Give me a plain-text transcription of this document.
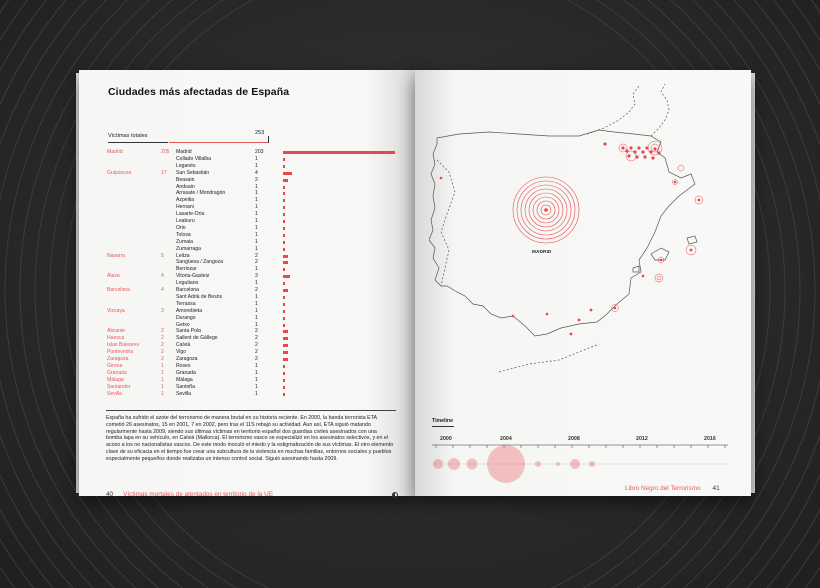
Ciudades más afectadas de España
Víctimas totales	253
Madrid	205 Madrid	203
Collado Villalba	1
Leganés	1
Guipúzcoa	17 San Sebastián	4
Beasain	2
Andoain	1
Arrasate / Mondragón	1
Azpeitia	1
Hernani	1
Lasarte-Oria	1
Leaburu	1
Orio	1
Tolosa	1
Zumaia	1
Zumarraga	1
Navarra	5 Leitza	2
Sangüesa / Zangoza	2
Berriozar	1
Álava	4 Vitoria-Gasteiz	3
Legutiano	1
Barcelona	4 Barcelona	2
Sant Adrià de Besòs	1
Terrassa	1
Vizcaya	3 Amorebieta	1
Durango	1
Getxo	1
Alicante	2 Santa Pola	2
Huesca	2 Sallent de Gállego	2
Islas Baleares	2 Calvià	2
Pontevedra	2 Vigo	2
Zaragoza	2 Zaragoza	2
Girona	1 Roses	1
Granada	1 Granada	1
Málaga	1 Málaga	1
Santander	1 Santoña	1
Sevilla	1 Sevilla	1

España ha sufrido el azote del terrorismo de manera brutal en su historia reciente. En 2000, la banda terrorista ETA cometió 26 asesinatos, 15 en 2001, 7 en 2002, pero tras el 11S rebajó su actividad. Aun así, ETA siguió matando regularmente hasta 2009, siendo sus últimas víctimas en territorio español dos guardias civiles asesinados con una bomba lapa en su vehículo, en Calvià (Mallorca). El terrorismo vasco se especializó en los asesinatos selectivos, y en el acoso a los no nacionalistas vascos. De este modo inoculó el miedo y la estigmatización de sus víctimas. El otro elemento clave de su eficacia en el tiempo fue crear una subcultura de la violencia en muchas familias, entornos sociales y pueblos especialmente pequeños donde realizaba un intenso control social. Siguió asesinando hasta 2009.

40 Víctimas mortales de atentados en territorio de la UE
MADRID
Timeline
2000	2004	2008	2012	2016
Libro Negro del Terrorismo 41
